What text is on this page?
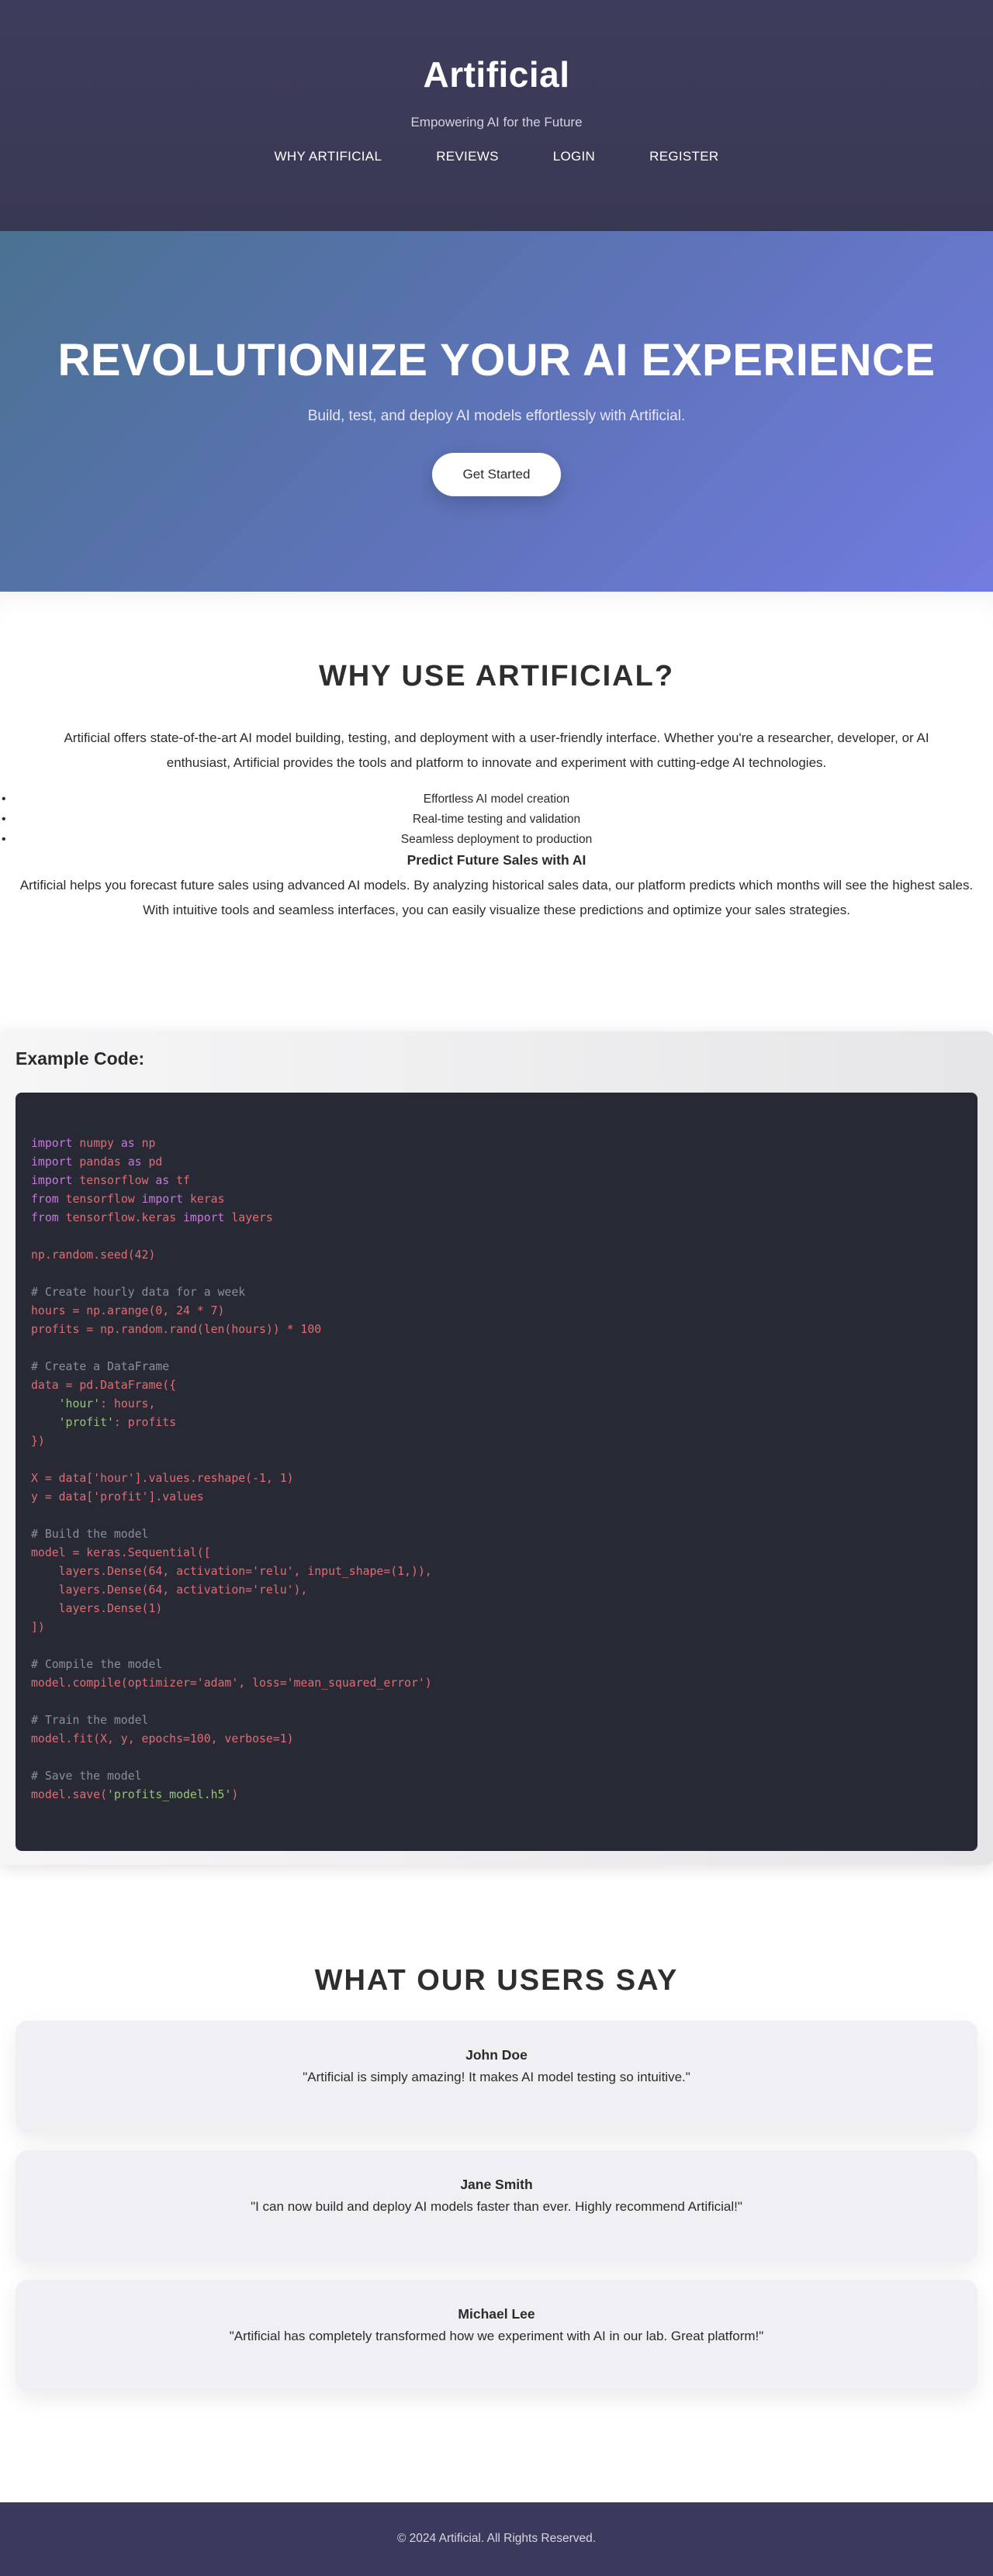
Artificial
Empowering AI for the Future
WHY ARTIFICIAL	REVIEWS	LOGIN	REGISTER
REVOLUTIONIZE YOUR AI EXPERIENCE

Build, test, and deploy AI models effortlessly with Artificial.

Get Started
WHY USE ARTIFICIAL?

Artificial offers state-of-the-art AI model building, testing, and deployment with a user-friendly interface. Whether you're a researcher, developer, or AI enthusiast, Artificial provides the tools and platform to innovate and experiment with cutting-edge AI technologies.

• Effortless AI model creation
• Real-time testing and validation
• Seamless deployment to production
Predict Future Sales with AI

Artificial helps you forecast future sales using advanced AI models. By analyzing historical sales data, our platform predicts which months will see the highest sales. With intuitive tools and seamless interfaces, you can easily visualize these predictions and optimize your sales strategies.

Example Code:

import numpy as np
import pandas as pd
import tensorflow as tf
from tensorflow import keras
from tensorflow.keras import layers

np.random.seed(42)

# Create hourly data for a week
hours = np.arange(0, 24 * 7)
profits = np.random.rand(len(hours)) * 100

# Create a DataFrame
data = pd.DataFrame({
'hour': hours,
'profit': profits
})

X = data['hour'].values.reshape(-1, 1)
y = data['profit'].values

# Build the model
model = keras.Sequential([
layers.Dense(64, activation='relu', input_shape=(1,)),
layers.Dense(64, activation='relu'),
layers.Dense(1)
])

# Compile the model
model.compile(optimizer='adam', loss='mean_squared_error')

# Train the model
model.fit(X, y, epochs=100, verbose=1)

# Save the model
model.save('profits_model.h5')

WHAT OUR USERS SAY
John Doe
"Artificial is simply amazing! It makes AI model testing so intuitive."
Jane Smith
"I can now build and deploy AI models faster than ever. Highly recommend Artificial!"
Michael Lee
"Artificial has completely transformed how we experiment with AI in our lab. Great platform!"

© 2024 Artificial. All Rights Reserved.
